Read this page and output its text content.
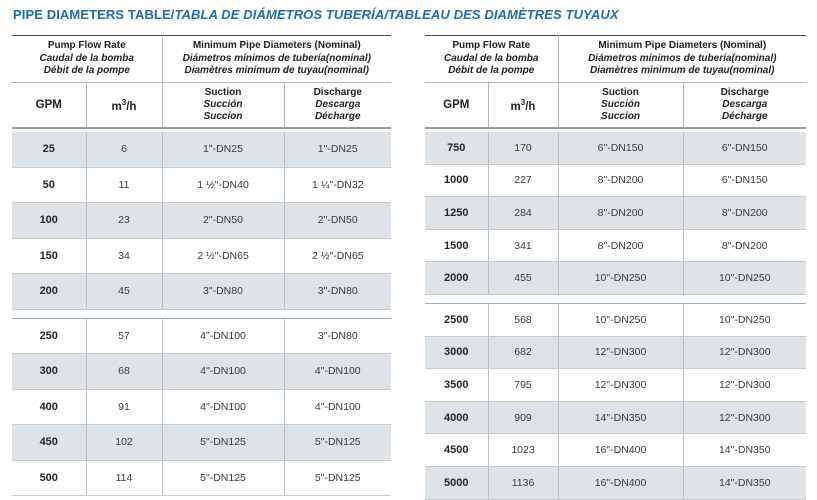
PIPE DIAMETERS TABLE/TABLA DE DIÁMETROS TUBERÍA/TABLEAU DES DIAMÈTRES TUYAUX
Pump Flow Rate
Caudal de la bomba
Débit de la pompe		Minimum Pipe Diameters (Nominal)
Diámetros mínimos de tubería(nominal)
Diamètres minimum de tuyau(nominal)	

GPM	$m^3/h$	Suction
Succión
Succion	Discharge
Descarga
Décharge

25	6	1"-DN25	1"-DN25
50	11	1 ½"-DN40	1 ¼"-DN32
100	23	2"-DN50	2"-DN50
150	34	2 ½"-DN65	2 ½"-DN65
200	45	3"-DN80	3"-DN80

250	57	4"-DN100	3"-DN80
300	68	4"-DN100	4"-DN100
400	91	4"-DN100	4"-DN100
450	102	5"-DN125	5"-DN125
500	114	5"-DN125	5"-DN125
Pump Flow Rate
Caudal de la bomba
Débit de la pompe		Minimum Pipe Diameters (Nominal)
Diámetros mínimos de tubería(nominal)
Diamètres minimum de tuyau(nominal)	

GPM	$m^3/h$	Suction
Succión
Succion	Discharge
Descarga
Décharge

750	170	6"-DN150	6"-DN150
1000	227	8"-DN200	6"-DN150
1250	284	8"-DN200	8"-DN200
1500	341	8"-DN200	8"-DN200
2000	455	10"-DN250	10"-DN250

2500	568	10"-DN250	10"-DN250
3000	682	12"-DN300	12"-DN300
3500	795	12"-DN300	12"-DN300
4000	909	14"-DN350	12"-DN300
4500	1023	16"-DN400	14"-DN350
5000	1136	16"-DN400	14"-DN350
